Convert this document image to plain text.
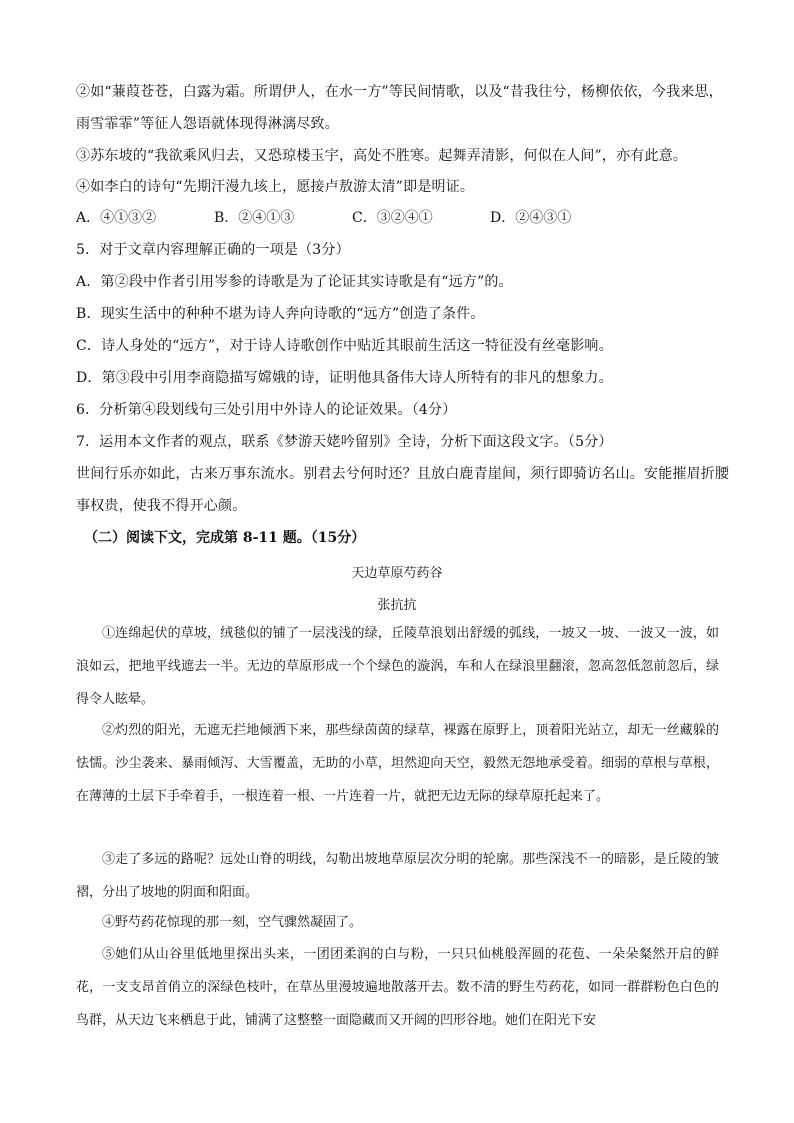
②如“蒹葭苍苍，白露为霜。所谓伊人，在水一方”等民间情歌，以及“昔我往兮，杨柳依依，今我来思，
雨雪霏霏”等征人怨语就体现得淋漓尽致。
③苏东坡的“我欲乘风归去，又恐琼楼玉宇，高处不胜寒。起舞弄清影，何似在人间”，亦有此意。
④如李白的诗句“先期汗漫九垓上，愿接卢敖游太清”即是明证。
A．④①③②	B．②④①③	C．③②④①	D．②④③①
5．对于文章内容理解正确的一项是（3分）
A．第②段中作者引用岑参的诗歌是为了论证其实诗歌是有“远方”的。
B．现实生活中的种种不堪为诗人奔向诗歌的“远方”创造了条件。
C．诗人身处的“远方”，对于诗人诗歌创作中贴近其眼前生活这一特征没有丝毫影响。
D．第③段中引用李商隐描写嫦娥的诗，证明他具备伟大诗人所特有的非凡的想象力。
6．分析第④段划线句三处引用中外诗人的论证效果。（4分）
7．运用本文作者的观点，联系《梦游天姥吟留别》全诗，分析下面这段文字。（5分）
世间行乐亦如此，古来万事东流水。别君去兮何时还？且放白鹿青崖间，须行即骑访名山。安能摧眉折腰
事权贵，使我不得开心颜。
（二）阅读下文，完成第 8-11 题。（15分）
天边草原芍药谷
张抗抗
①连绵起伏的草坡，绒毯似的铺了一层浅浅的绿，丘陵草浪划出舒缓的弧线，一坡又一坡、一波又一波，如浪如云，把地平线遮去一半。无边的草原形成一个个绿色的漩涡，车和人在绿浪里翻滚，忽高忽低忽前忽后，绿得令人眩晕。
②灼烈的阳光，无遮无拦地倾洒下来，那些绿茵茵的绿草，裸露在原野上，顶着阳光站立，却无一丝藏躲的怯懦。沙尘袭来、暴雨倾泻、大雪覆盖，无助的小草，坦然迎向天空，毅然无怨地承受着。细弱的草根与草根，在薄薄的土层下手牵着手，一根连着一根、一片连着一片，就把无边无际的绿草原托起来了。
③走了多远的路呢？远处山脊的明线，勾勒出坡地草原层次分明的轮廓。那些深浅不一的暗影，是丘陵的皱褶，分出了坡地的阴面和阳面。
④野芍药花惊现的那一刻，空气骤然凝固了。
⑤她们从山谷里低地里探出头来，一团团柔润的白与粉，一只只仙桃般浑圆的花苞、一朵朵粲然开启的鲜花，一支支昂首俏立的深绿色枝叶，在草丛里漫坡遍地散落开去。数不清的野生芍药花，如同一群群粉色白色的鸟群，从天边飞来栖息于此，铺满了这整整一面隐藏而又开阔的凹形谷地。她们在阳光下安
